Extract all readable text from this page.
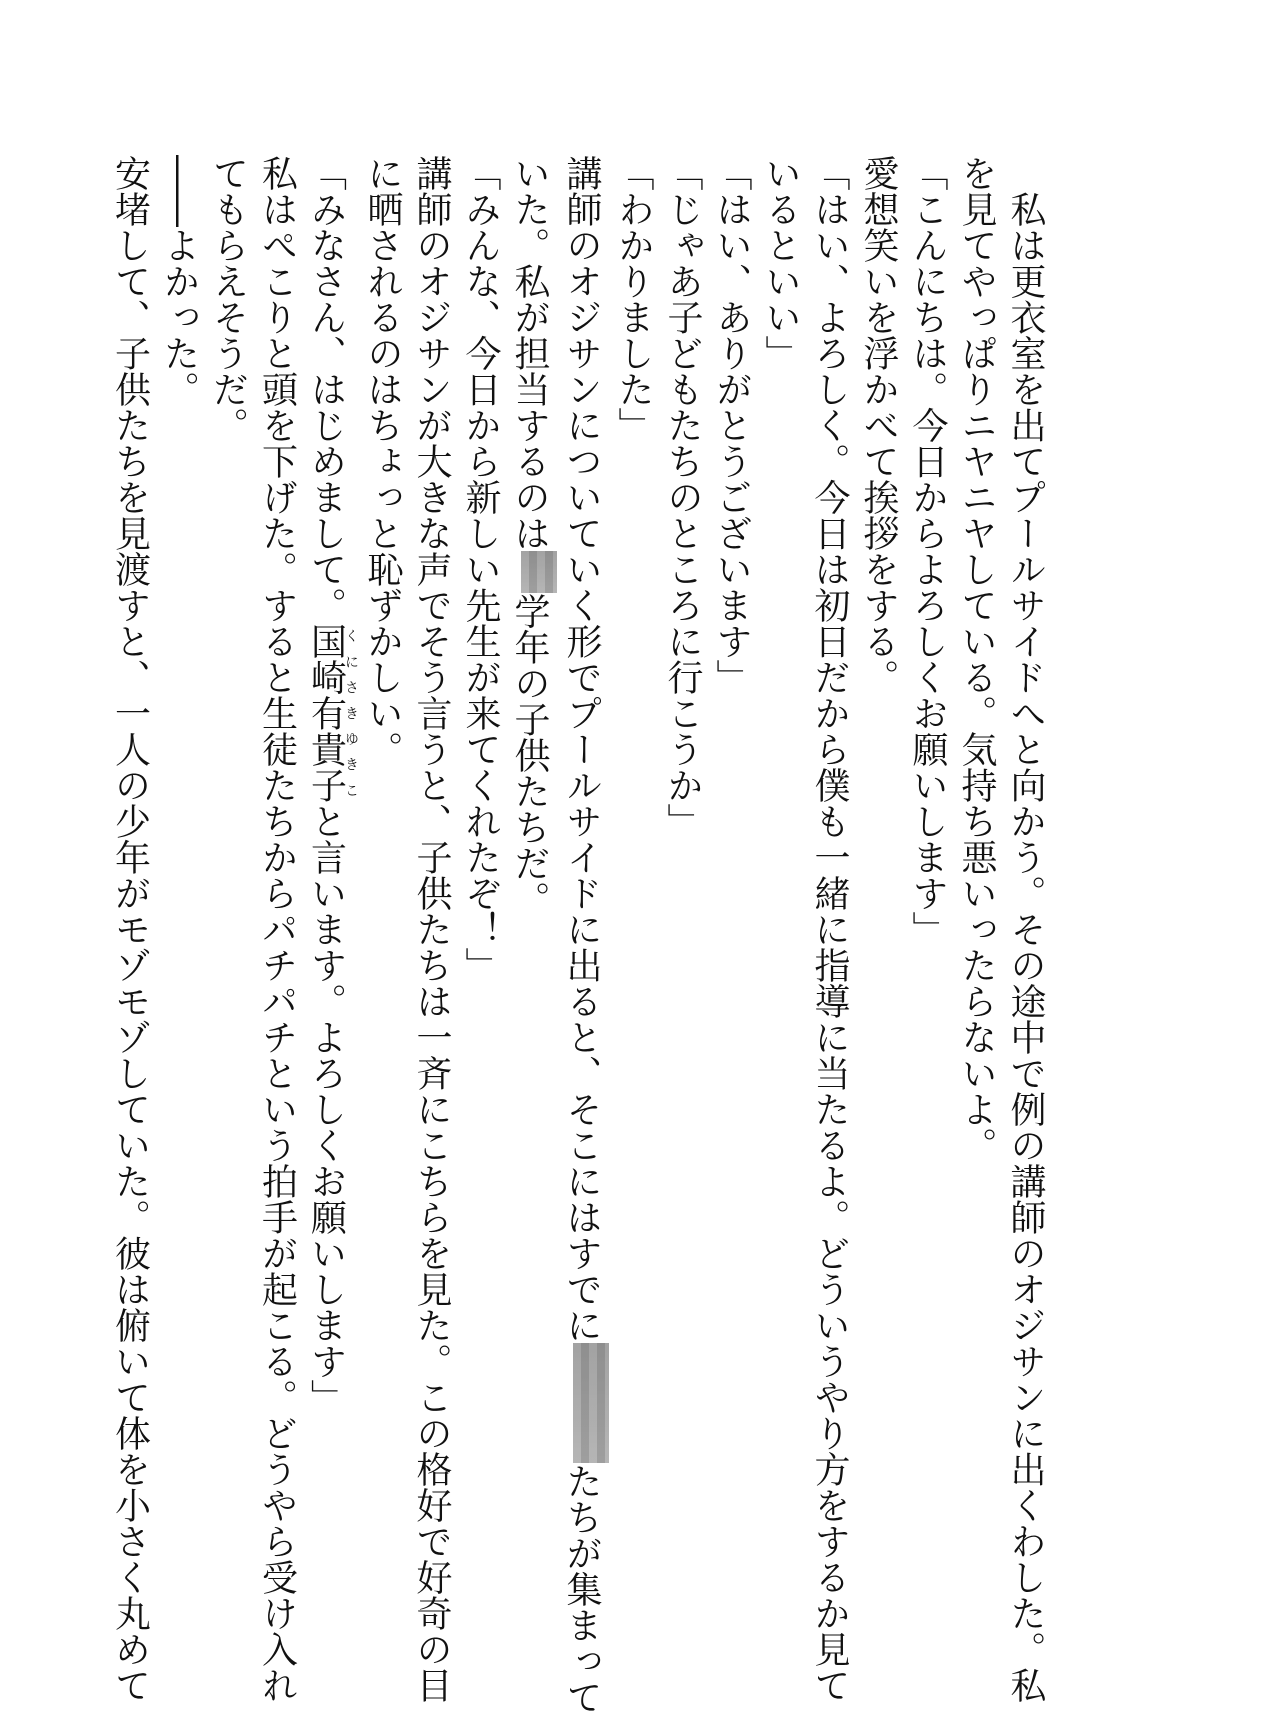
　私は更衣室を出てプールサイドへと向かう。その途中で例の講師のオジサンに出くわした。私

を見てやっぱりニヤニヤしている。気持ち悪いったらないよ。

「こんにちは。今日からよろしくお願いします」

愛想笑いを浮かべて挨拶をする。

「はい、よろしく。今日は初日だから僕も一緒に指導に当たるよ。どういうやり方をするか見て

いるといい」

「はい、ありがとうございます」

「じゃあ子どもたちのところに行こうか」

「わかりました」

講師のオジサンについていく形でプールサイドに出ると、そこにはすでにたちが集まって

いた。私が担当するのは学年の子供たちだ。

「みんな、今日から新しい先生が来てくれたぞ！」

講師のオジサンが大きな声でそう言うと、子供たちは一斉にこちらを見た。この格好で好奇の目

に晒されるのはちょっと恥ずかしい。

「みなさん、はじめまして。国崎有貴子くにさきゆきこと言います。よろしくお願いします」

私はぺこりと頭を下げた。すると生徒たちからパチパチという拍手が起こる。どうやら受け入れ

てもらえそうだ。

――よかった。

安堵して、子供たちを見渡すと、一人の少年がモゾモゾしていた。彼は俯いて体を小さく丸めて
